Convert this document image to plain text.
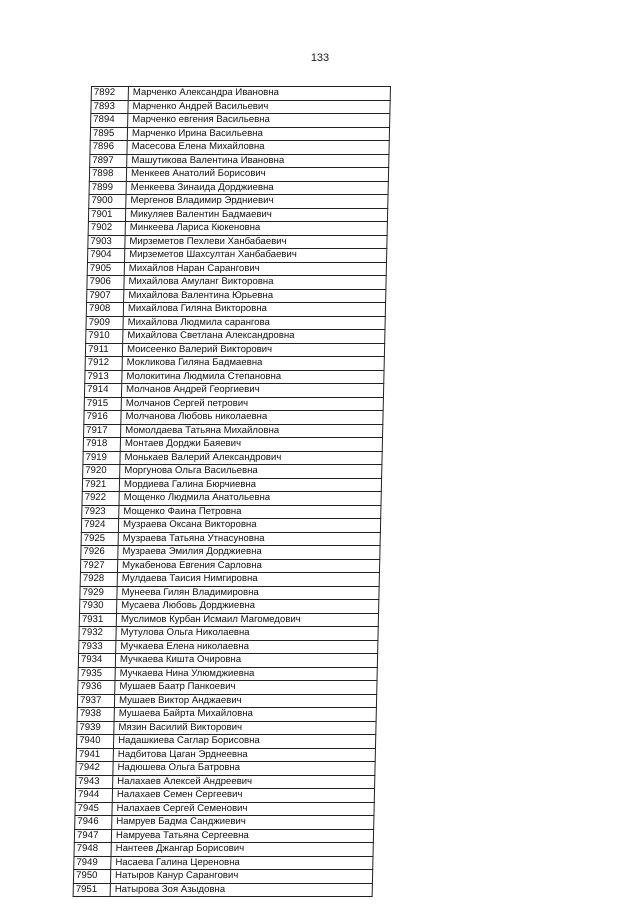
133
7892	Марченко Александра Ивановна
7893	Марченко Андрей Васильевич
7894	Марченко евгения Васильевна
7895	Марченко Ирина Васильевна
7896	Масесова Елена Михайловна
7897	Машутикова Валентина Ивановна
7898	Менкеев Анатолий Борисович
7899	Менкеева Зинаида Дорджиевна
7900	Мергенов Владимир Эрдниевич
7901	Микуляев Валентин Бадмаевич
7902	Минкеева Лариса Кюкеновна
7903	Мирземетов Пехлеви Ханбабаевич
7904	Мирземетов Шахсултан Ханбабаевич
7905	Михайлов Наран Сарангович
7906	Михайлова Амуланг Викторовна
7907	Михайлова Валентина Юрьевна
7908	Михайлова Гиляна Викторовна
7909	Михайлова Людмила сарангова
7910	Михайлова Светлана Александровна
7911	Моисеенко Валерий Викторович
7912	Мокликова Гиляна Бадмаевна
7913	Молокитина Людмила Степановна
7914	Молчанов Андрей Георгиевич
7915	Молчанов Сергей петрович
7916	Молчанова Любовь николаевна
7917	Момолдаева Татьяна Михайловна
7918	Монтаев Дорджи Баяевич
7919	Монькаев Валерий Александрович
7920	Моргунова Ольга Васильевна
7921	Мордиева Галина Бюрчиевна
7922	Мощенко Людмила Анатольевна
7923	Мощенко Фаина Петровна
7924	Музраева Оксана Викторовна
7925	Музраева Татьяна Утнасуновна
7926	Музраева Эмилия Дорджиевна
7927	Мукабенова Евгения Сарловна
7928	Мулдаева Таисия Нимгировна
7929	Мунеева Гилян Владимировна
7930	Мусаева Любовь Дорджиевна
7931	Муслимов Курбан Исмаил Магомедович
7932	Мутулова Ольга Николаевна
7933	Мучкаева Елена николаевна
7934	Мучкаева Кишта Очировна
7935	Мучкаева Нина Улюмджиевна
7936	Мушаев Баатр Панкоевич
7937	Мушаев Виктор Анджаевич
7938	Мушаева Байрта Михайловна
7939	Мязин Василий Викторович
7940	Надашкиева Саглар Борисовна
7941	Надбитова Цаган Эрднеевна
7942	Надюшева Ольга Батровна
7943	Налахаев Алексей Андреевич
7944	Налахаев Семен Сергеевич
7945	Налахаев Сергей Семенович
7946	Намруев Бадма Санджиевич
7947	Намруева Татьяна Сергеевна
7948	Нантеев Джангар Борисович
7949	Насаева Галина Цереновна
7950	Натыров Кануp Сарангович
7951	Натырова Зоя Азыдовна
